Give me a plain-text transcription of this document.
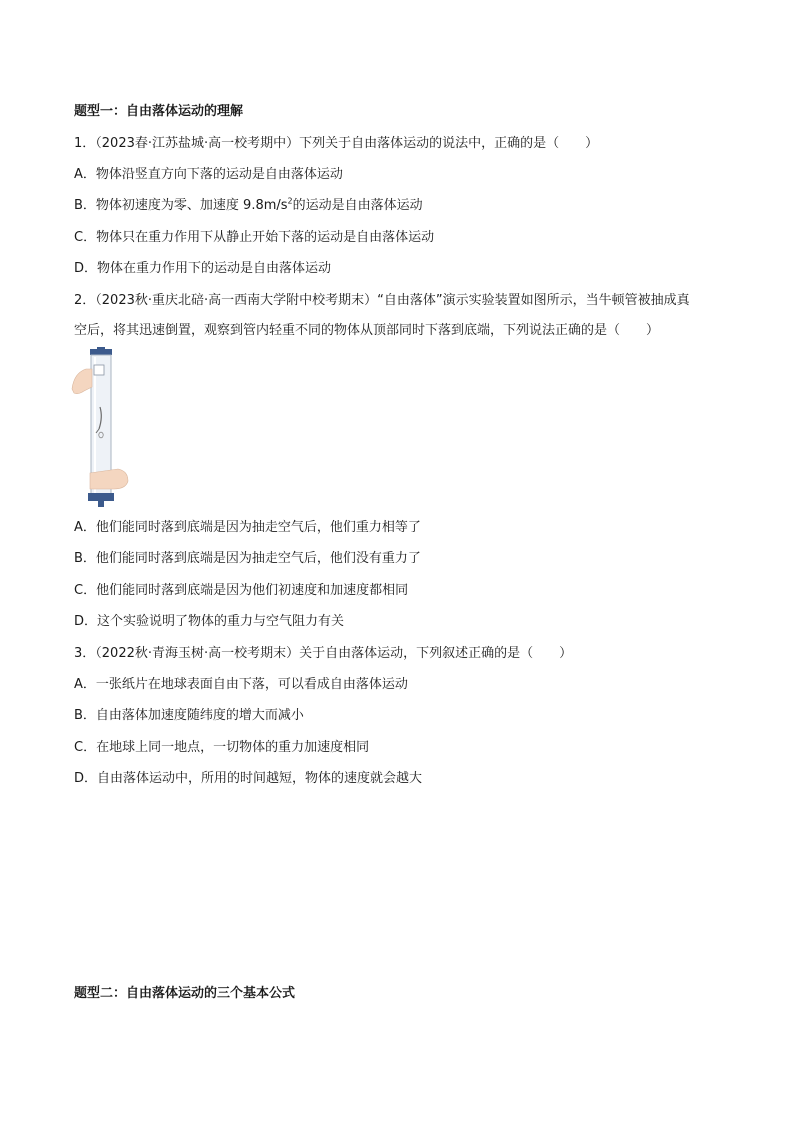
题型一：自由落体运动的理解
1．（2023春·江苏盐城·高一校考期中）下列关于自由落体运动的说法中，正确的是（　　）
A．物体沿竖直方向下落的运动是自由落体运动
B．物体初速度为零、加速度 $9.8m/s^2$的运动是自由落体运动
C．物体只在重力作用下从静止开始下落的运动是自由落体运动
D．物体在重力作用下的运动是自由落体运动
2．（2023秋·重庆北碚·高一西南大学附中校考期末）“自由落体”演示实验装置如图所示，当牛顿管被抽成真
空后，将其迅速倒置，观察到管内轻重不同的物体从顶部同时下落到底端，下列说法正确的是（　　）
A．他们能同时落到底端是因为抽走空气后，他们重力相等了
B．他们能同时落到底端是因为抽走空气后，他们没有重力了
C．他们能同时落到底端是因为他们初速度和加速度都相同
D．这个实验说明了物体的重力与空气阻力有关
3．（2022秋·青海玉树·高一校考期末）关于自由落体运动，下列叙述正确的是（　　）
A．一张纸片在地球表面自由下落，可以看成自由落体运动
B．自由落体加速度随纬度的增大而减小
C．在地球上同一地点，一切物体的重力加速度相同
D．自由落体运动中，所用的时间越短，物体的速度就会越大
题型二：自由落体运动的三个基本公式
